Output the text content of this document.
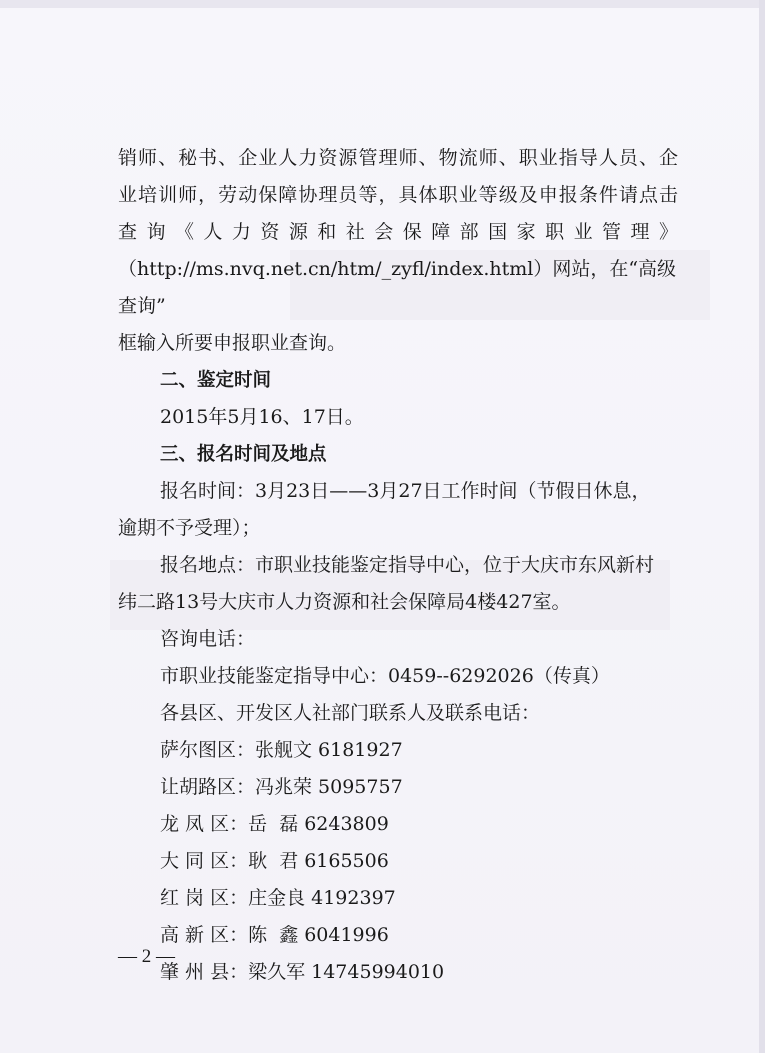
销师、秘书、企业人力资源管理师、物流师、职业指导人员、企
业培训师，劳动保障协理员等，具体职业等级及申报条件请点击
查询《人力资源和社会保障部国家职业管理》
（http://ms.nvq.net.cn/htm/_zyfl/index.html）网站，在“高级查询”
框输入所要申报职业查询。
二、鉴定时间
2015年5月16、17日。
三、报名时间及地点
报名时间：3月23日——3月27日工作时间（节假日休息，
逾期不予受理）；
报名地点：市职业技能鉴定指导中心，位于大庆市东风新村
纬二路13号大庆市人力资源和社会保障局4楼427室。
咨询电话：
市职业技能鉴定指导中心：0459--6292026（传真）
各县区、开发区人社部门联系人及联系电话：
萨尔图区：张舰文 6181927
让胡路区：冯兆荣 5095757
龙 凤 区：岳  磊 6243809
大 同 区：耿  君 6165506
红 岗 区：庄金良 4192397
高 新 区：陈  鑫 6041996
肇 州 县：梁久军 14745994010
— 2 —
